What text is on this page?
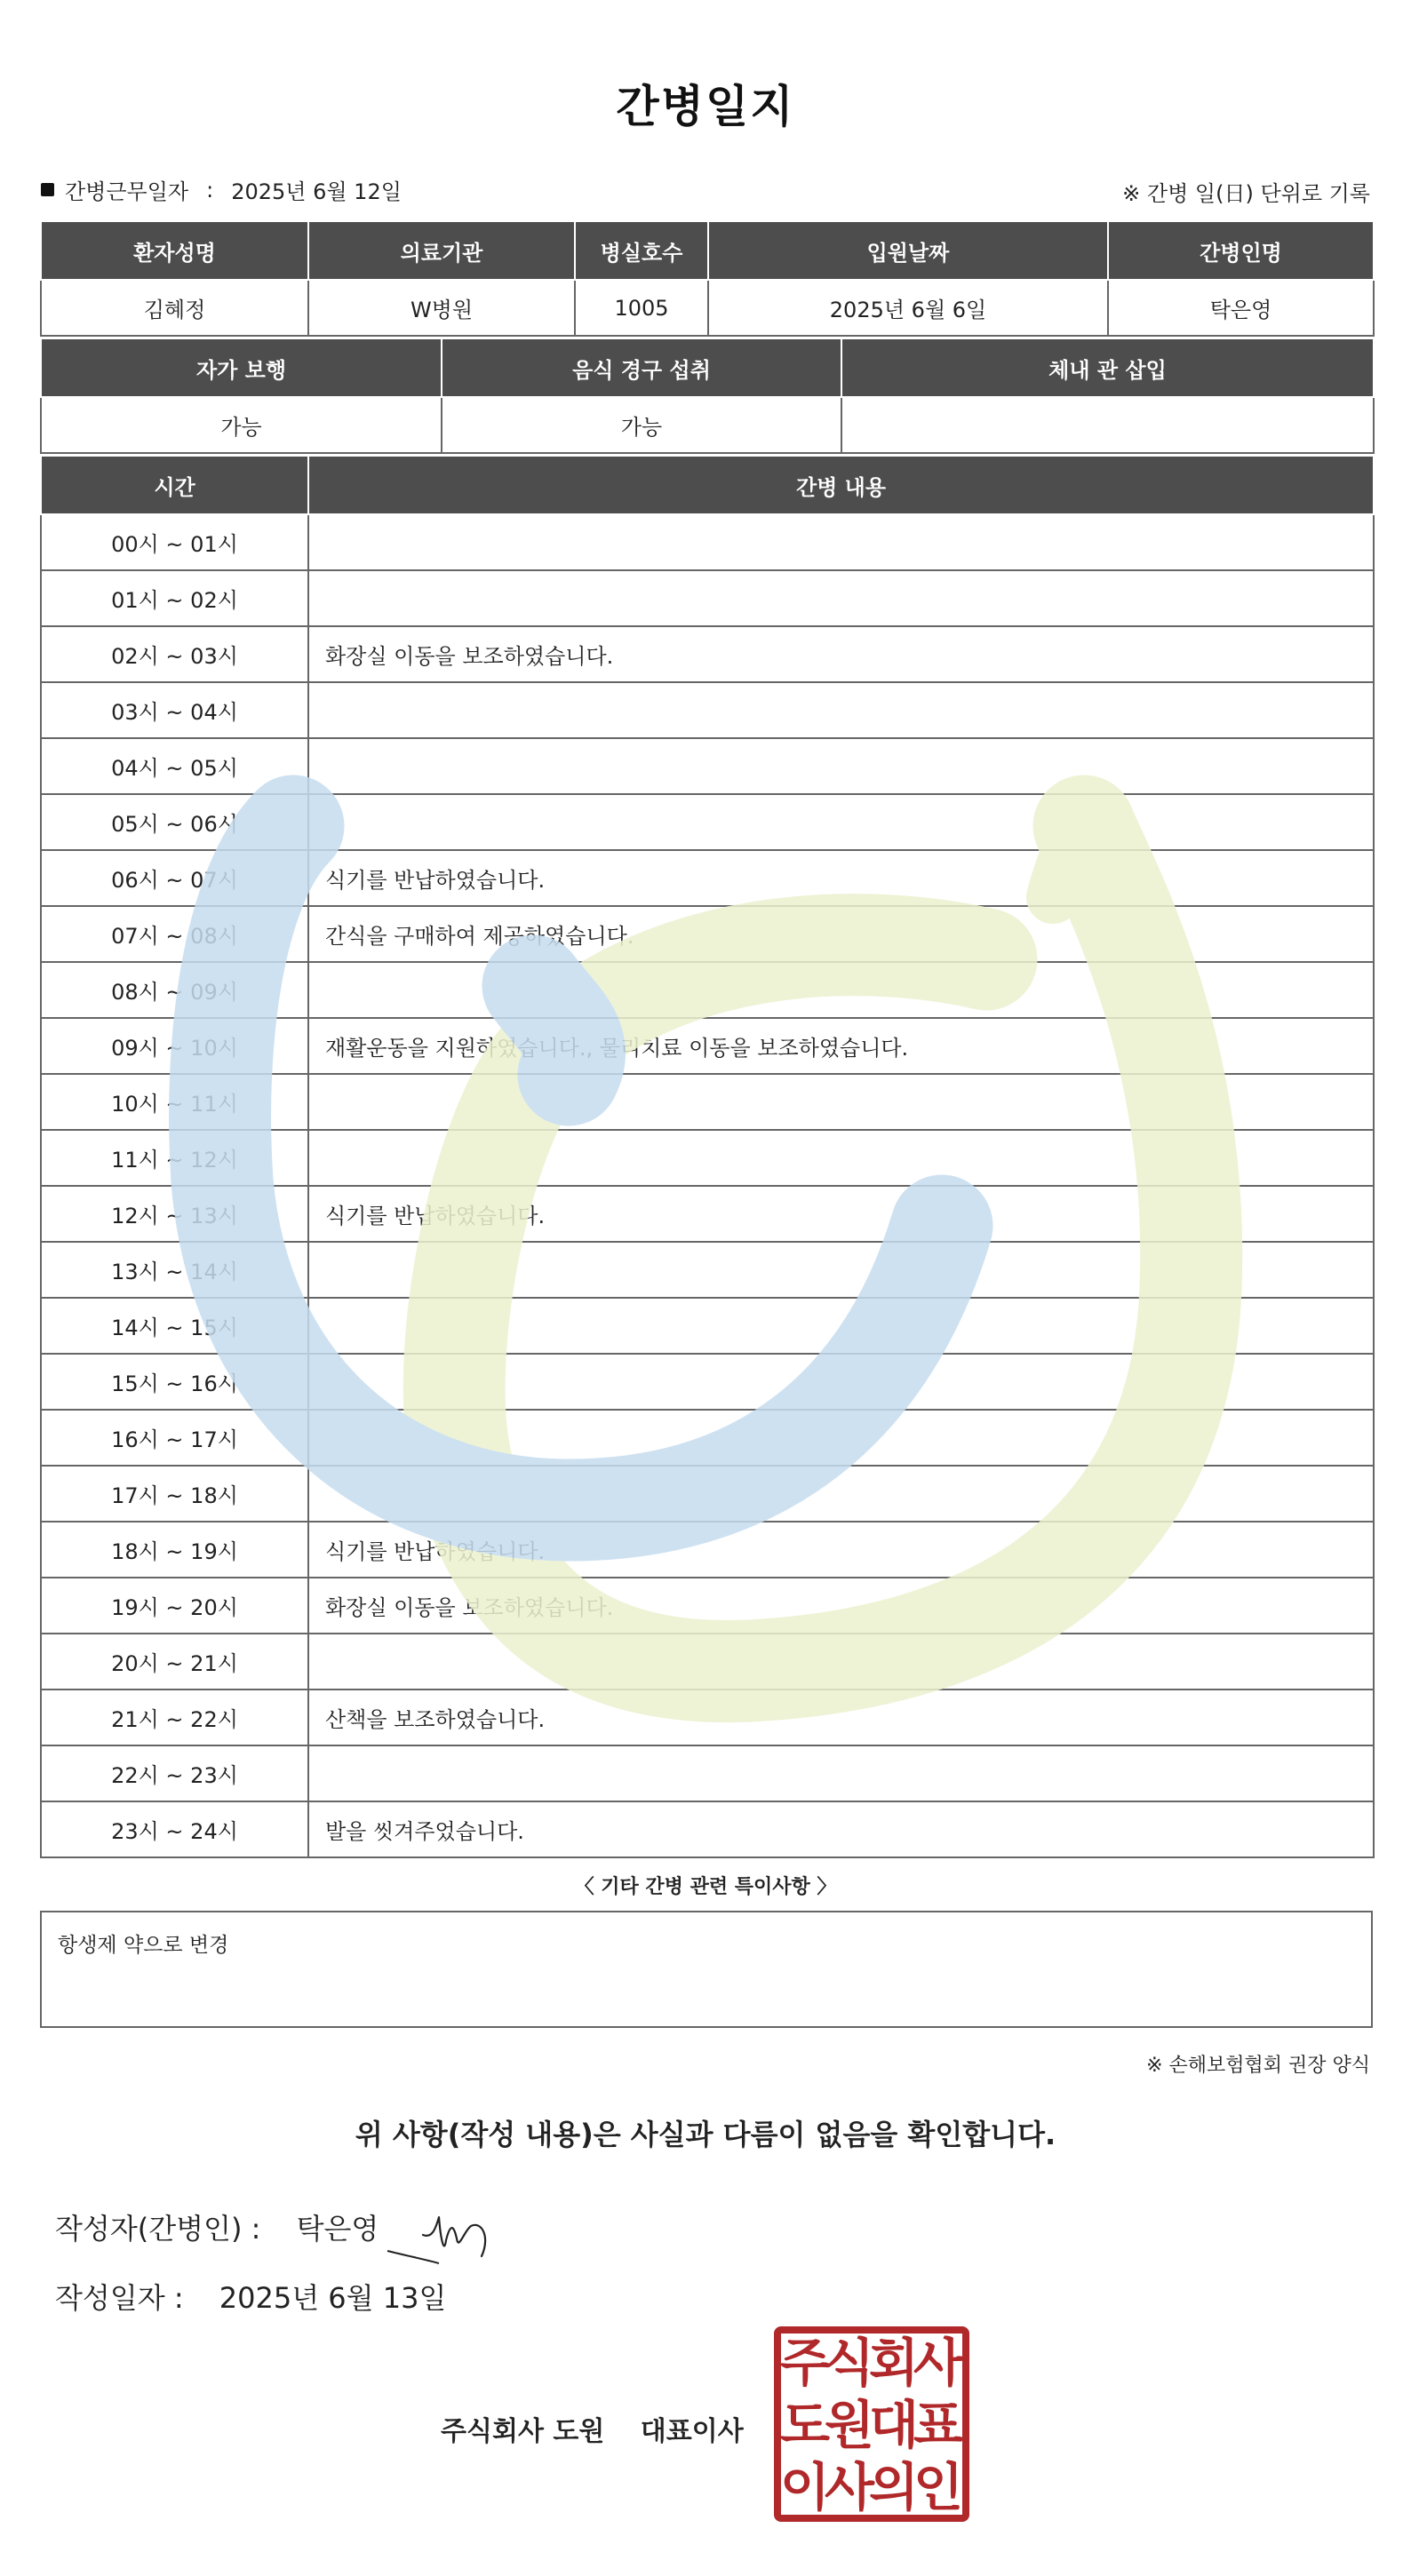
간병일지
간병근무일자 : 2025년 6월 12일	※ 간병 일(日) 단위로 기록
환자성명	의료기관	병실호수	입원날짜	간병인명
김혜정	W병원	1005	2025년 6월 6일	탁은영
자가 보행	음식 경구 섭취	체내 관 삽입
가능	가능	
시간	간병 내용
00시 ~ 01시	
01시 ~ 02시	
02시 ~ 03시	화장실 이동을 보조하였습니다.
03시 ~ 04시	
04시 ~ 05시	
05시 ~ 06시	
06시 ~ 07시	식기를 반납하였습니다.
07시 ~ 08시	간식을 구매하여 제공하였습니다.
08시 ~ 09시	
09시 ~ 10시	재활운동을 지원하였습니다., 물리치료 이동을 보조하였습니다.
10시 ~ 11시	
11시 ~ 12시	
12시 ~ 13시	식기를 반납하였습니다.
13시 ~ 14시	
14시 ~ 15시	
15시 ~ 16시	
16시 ~ 17시	
17시 ~ 18시	
18시 ~ 19시	식기를 반납하였습니다.
19시 ~ 20시	화장실 이동을 보조하였습니다.
20시 ~ 21시	
21시 ~ 22시	산책을 보조하였습니다.
22시 ~ 23시	
23시 ~ 24시	발을 씻겨주었습니다.
〈 기타 간병 관련 특이사항 〉
항생제 약으로 변경
※ 손해보험협회 권장 양식
위 사항(작성 내용)은 사실과 다름이 없음을 확인합니다.
작성자(간병인) : 탁은영
작성일자 : 2025년 6월 13일
주식회사 도원 대표이사
주
식
회
사
도
원
대
표
이
사
의
인
